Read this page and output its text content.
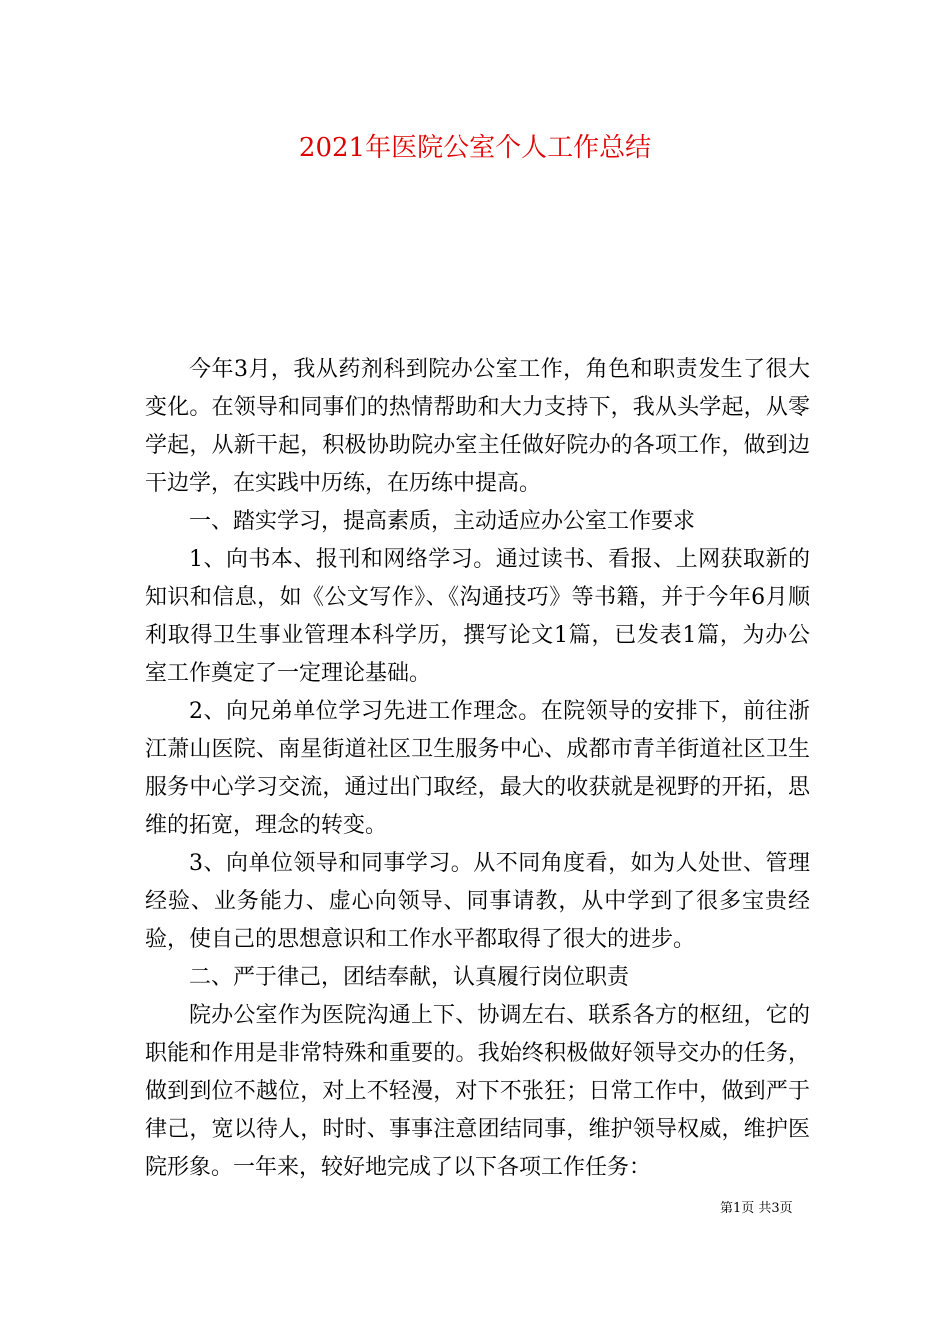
2021年医院公室个人工作总结

今年3月，我从药剂科到院办公室工作，角色和职责发生了很大变化。在领导和同事们的热情帮助和大力支持下，我从头学起，从零学起，从新干起，积极协助院办室主任做好院办的各项工作，做到边干边学，在实践中历练，在历练中提高。

一、踏实学习，提高素质，主动适应办公室工作要求

1、向书本、报刊和网络学习。通过读书、看报、上网获取新的知识和信息，如《公文写作》、《沟通技巧》等书籍，并于今年6月顺利取得卫生事业管理本科学历，撰写论文1篇，已发表1篇，为办公室工作奠定了一定理论基础。

2、向兄弟单位学习先进工作理念。在院领导的安排下，前往浙江萧山医院、南星街道社区卫生服务中心、成都市青羊街道社区卫生服务中心学习交流，通过出门取经，最大的收获就是视野的开拓，思维的拓宽，理念的转变。

3、向单位领导和同事学习。从不同角度看，如为人处世、管理经验、业务能力、虚心向领导、同事请教，从中学到了很多宝贵经验，使自己的思想意识和工作水平都取得了很大的进步。

二、严于律己，团结奉献，认真履行岗位职责

院办公室作为医院沟通上下、协调左右、联系各方的枢纽，它的职能和作用是非常特殊和重要的。我始终积极做好领导交办的任务，做到到位不越位，对上不轻漫，对下不张狂；日常工作中，做到严于律己，宽以待人，时时、事事注意团结同事，维护领导权威，维护医院形象。一年来，较好地完成了以下各项工作任务：

第1页 共3页
